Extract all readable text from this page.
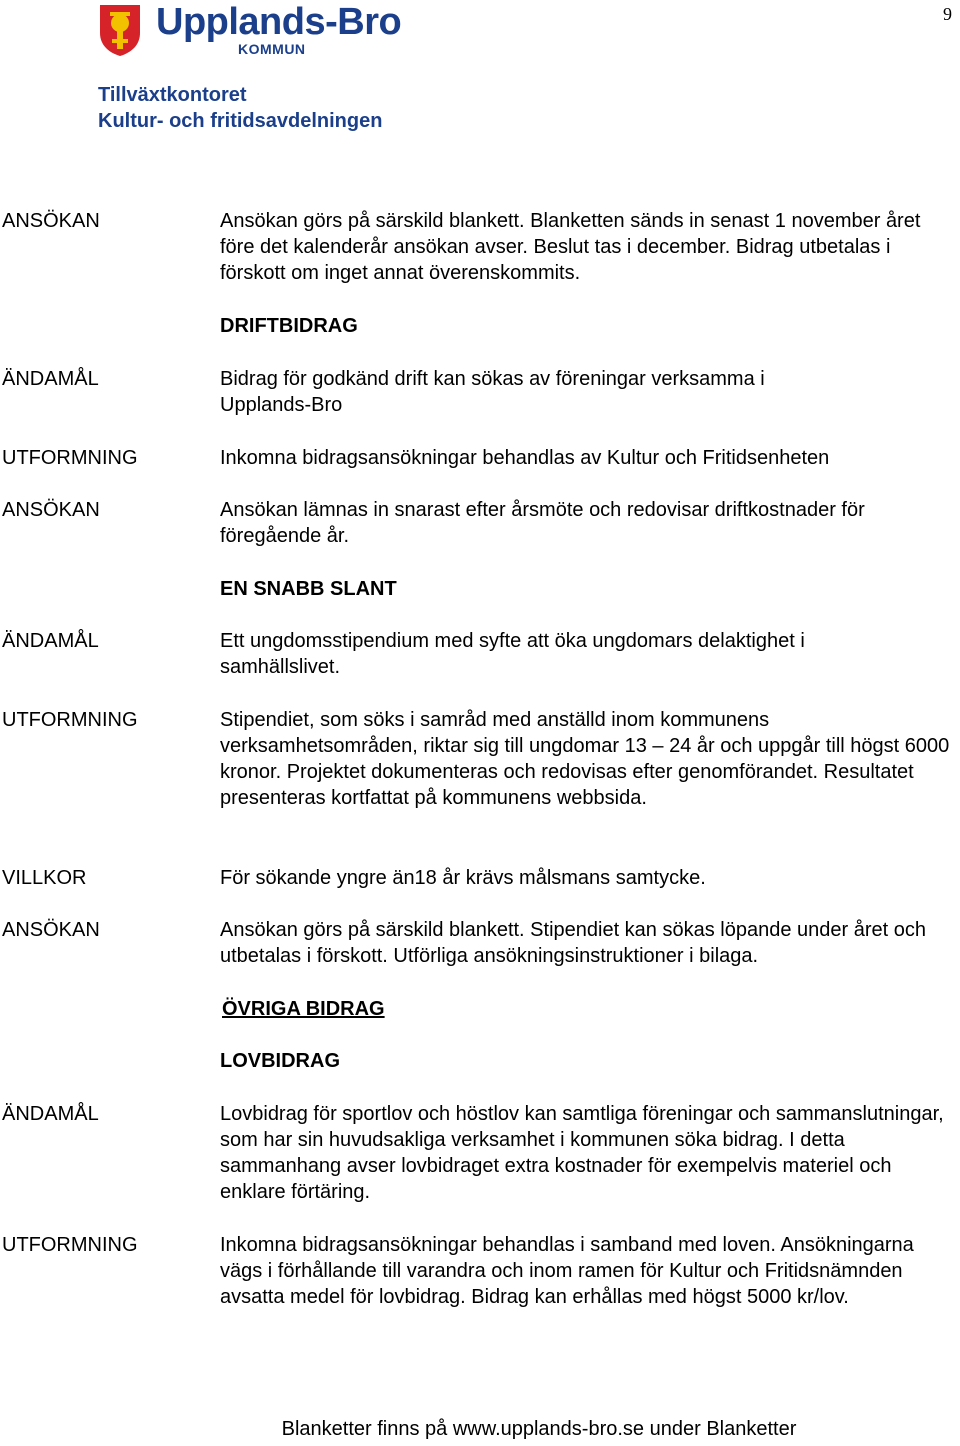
9
Upplands-Bro
KOMMUN
Tillväxtkontoret
Kultur- och fritidsavdelningen
ANSÖKAN	Ansökan görs på särskild blankett. Blanketten sänds in senast 1 november året före det kalenderår ansökan avser. Beslut tas i december. Bidrag utbetalas i förskott om inget annat överenskommits.
DRIFTBIDRAG
ÄNDAMÅL	Bidrag för godkänd drift kan sökas av föreningar verksamma i Upplands-Bro
UTFORMNING	Inkomna bidragsansökningar behandlas av Kultur och Fritidsenheten
ANSÖKAN	Ansökan lämnas in snarast efter årsmöte och redovisar driftkostnader för föregående år.
EN SNABB SLANT
ÄNDAMÅL	Ett ungdomsstipendium med syfte att öka ungdomars delaktighet i samhällslivet.
UTFORMNING	Stipendiet, som söks i samråd med anställd inom kommunens verksamhetsområden, riktar sig till ungdomar 13 – 24 år och uppgår till högst 6000 kronor. Projektet dokumenteras och redovisas efter genomförandet. Resultatet presenteras kortfattat på kommunens webbsida.
VILLKOR	För sökande yngre än18 år krävs målsmans samtycke.
ANSÖKAN	Ansökan görs på särskild blankett. Stipendiet kan sökas löpande under året och utbetalas i förskott. Utförliga ansökningsinstruktioner i bilaga.
ÖVRIGA BIDRAG
LOVBIDRAG
ÄNDAMÅL	Lovbidrag för sportlov och höstlov kan samtliga föreningar och sammanslutningar, som har sin huvudsakliga verksamhet i kommunen söka bidrag. I detta sammanhang avser lovbidraget extra kostnader för exempelvis materiel och enklare förtäring.
UTFORMNING	Inkomna bidragsansökningar behandlas i samband med loven. Ansökningarna vägs i förhållande till varandra och inom ramen för Kultur och Fritidsnämnden avsatta medel för lovbidrag. Bidrag kan erhållas med högst 5000 kr/lov.
Blanketter finns på www.upplands-bro.se under Blanketter
